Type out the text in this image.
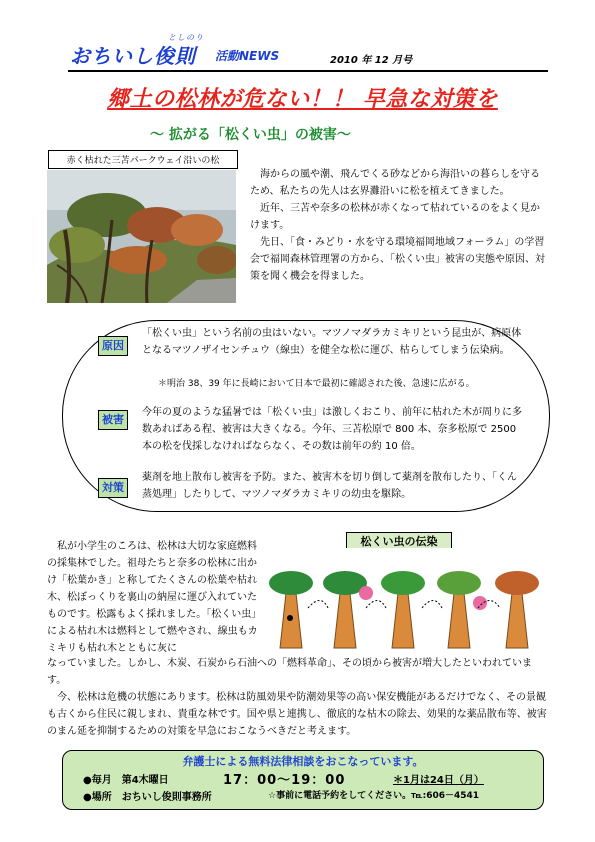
としのり
おちいし俊則 活動NEWS	2010 年 12 月号
郷土の松林が危ない！！ 早急な対策を
～ 拡がる「松くい虫」の被害～
赤く枯れた三苫パークウェイ沿いの松

海からの風や潮、飛んでくる砂などから海沿いの暮らしを守るため、私たちの先人は玄界灘沿いに松を植えてきました。

近年、三苫や奈多の松林が赤くなって枯れているのをよく見かけます。

先日、「食・みどり・水を守る環境福岡地域フォーラム」の学習会で福岡森林管理署の方から、「松くい虫」被害の実態や原因、対策を聞く機会を得ました。

原因
「松くい虫」という名前の虫はいない。マツノマダラカミキリという昆虫が、病原体となるマツノザイセンチュウ（線虫）を健全な松に運び、枯らしてしまう伝染病。
＊明治 38、39 年に長崎において日本で最初に確認された後、急速に広がる。
被害
今年の夏のような猛暑では「松くい虫」は激しくおこり、前年に枯れた木が周りに多数あればある程、被害は大きくなる。今年、三苫松原で 800 本、奈多松原で 2500 本の松を伐採しなければならなく、その数は前年の約 10 倍。
対策
薬剤を地上散布し被害を予防。また、被害木を切り倒して薬剤を散布したり、「くん蒸処理」したりして、マツノマダラカミキリの幼虫を駆除。
私が小学生のころは、松林は大切な家庭燃料の採集林でした。祖母たちと奈多の松林に出かけ「松葉かき」と称してたくさんの松葉や枯れ木、松ぼっくりを裏山の納屋に運び入れていたものです。松露もよく採れました。「松くい虫」による枯れ木は燃料として燃やされ、線虫もカミキリも枯れ木とともに灰に
なっていました。しかし、木炭、石炭から石油への「燃料革命」、その頃から被害が増大したといわれています。
今、松林は危機の状態にあります。松林は防風効果や防潮効果等の高い保安機能があるだけでなく、その景観も古くから住民に親しまれ、貴重な林です。国や県と連携し、徹底的な枯木の除去、効果的な薬品散布等、被害のまん延を抑制するための対策を早急におこなうべきだと考えます。
松くい虫の伝染
弁護士による無料法律相談をおこなっています。
●毎月　第4木曜日	17：00～19：00	＊1月は24日（月）
●場所　おちいし俊則事務所	☆事前に電話予約をしてください。℡:606－4541
